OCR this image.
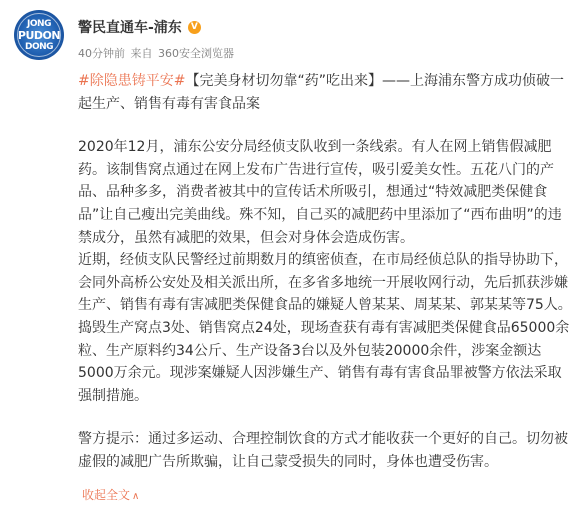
JONG
PUDON
DONG
警民直通车-浦东	V
40分钟前 来自 360安全浏览器

#除隐患铸平安#【完美身材切勿靠“药”吃出来】——上海浦东警方成功侦破一起生产、销售有毒有害食品案

2020年12月，浦东公安分局经侦支队收到一条线索。有人在网上销售假减肥药。该制售窝点通过在网上发布广告进行宣传，吸引爱美女性。五花八门的产品、品种多多，消费者被其中的宣传话术所吸引，想通过“特效减肥类保健食品”让自己瘦出完美曲线。殊不知，自己买的减肥药中里添加了“西布曲明”的违禁成分，虽然有减肥的效果，但会对身体会造成伤害。

近期，经侦支队民警经过前期数月的缜密侦查，在市局经侦总队的指导协助下，会同外高桥公安处及相关派出所，在多省多地统一开展收网行动，先后抓获涉嫌生产、销售有毒有害减肥类保健食品的嫌疑人曾某某、周某某、郭某某等75人。捣毁生产窝点3处、销售窝点24处，现场查获有毒有害减肥类保健食品65000余粒、生产原料约34公斤、生产设备3台以及外包装20000余件，涉案金额达5000万余元。现涉案嫌疑人因涉嫌生产、销售有毒有害食品罪被警方依法采取强制措施。

警方提示：通过多运动、合理控制饮食的方式才能收获一个更好的自己。切勿被虚假的减肥广告所欺骗，让自己蒙受损失的同时，身体也遭受伤害。

收起全文 ∧
